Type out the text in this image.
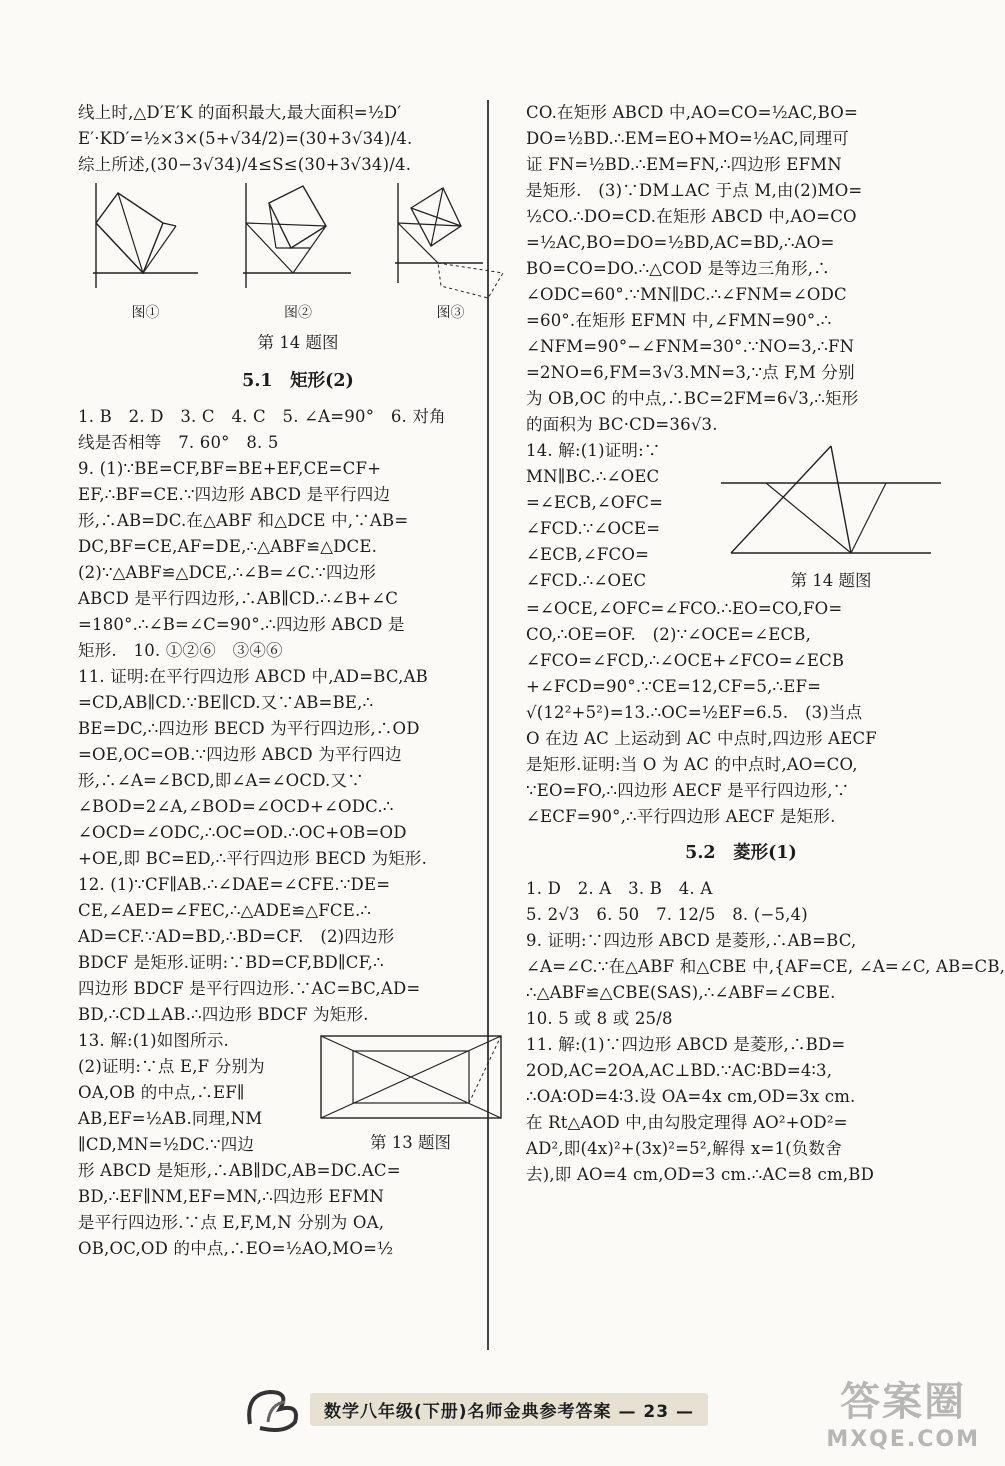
线上时,△D′E′K 的面积最大,最大面积=½D′

E′·KD′=½×3×(5+√34/2)=(30+3√34)/4.

综上所述,(30−3√34)/4≤S≤(30+3√34)/4.

图①	图②	图③
第 14 题图
5.1　矩形(2)

1. B　2. D　3. C　4. C　5. ∠A=90°　6. 对角

线是否相等　7. 60°　8. 5

9. (1)∵BE=CF,BF=BE+EF,CE=CF+

EF,∴BF=CE.∵四边形 ABCD 是平行四边

形,∴AB=DC.在△ABF 和△DCE 中,∵AB=

DC,BF=CE,AF=DE,∴△ABF≌△DCE.

(2)∵△ABF≌△DCE,∴∠B=∠C.∵四边形

ABCD 是平行四边形,∴AB∥CD.∴∠B+∠C

=180°.∴∠B=∠C=90°.∴四边形 ABCD 是

矩形.　10. ①②⑥　③④⑥

11. 证明:在平行四边形 ABCD 中,AD=BC,AB

=CD,AB∥CD.∵BE∥CD.又∵AB=BE,∴

BE=DC,∴四边形 BECD 为平行四边形,∴OD

=OE,OC=OB.∵四边形 ABCD 为平行四边

形,∴∠A=∠BCD,即∠A=∠OCD.又∵

∠BOD=2∠A,∠BOD=∠OCD+∠ODC.∴

∠OCD=∠ODC,∴OC=OD.∴OC+OB=OD

+OE,即 BC=ED,∴平行四边形 BECD 为矩形.

12. (1)∵CF∥AB.∴∠DAE=∠CFE.∵DE=

CE,∠AED=∠FEC,∴△ADE≌△FCE.∴

AD=CF.∵AD=BD,∴BD=CF.　(2)四边形

BDCF 是矩形.证明:∵BD=CF,BD∥CF,∴

四边形 BDCF 是平行四边形.∵AC=BC,AD=

BD,∴CD⊥AB.∴四边形 BDCF 为矩形.

13. 解:(1)如图所示.

(2)证明:∵点 E,F 分别为

OA,OB 的中点,∴EF∥

AB,EF=½AB.同理,NM

∥CD,MN=½DC.∵四边	第 13 题图

形 ABCD 是矩形,∴AB∥DC,AB=DC.AC=

BD,∴EF∥NM,EF=MN,∴四边形 EFMN

是平行四边形.∵点 E,F,M,N 分别为 OA,

OB,OC,OD 的中点,∴EO=½AO,MO=½

CO.在矩形 ABCD 中,AO=CO=½AC,BO=

DO=½BD.∴EM=EO+MO=½AC,同理可

证 FN=½BD.∴EM=FN,∴四边形 EFMN

是矩形.　(3)∵DM⊥AC 于点 M,由(2)MO=

½CO.∴DO=CD.在矩形 ABCD 中,AO=CO

=½AC,BO=DO=½BD,AC=BD,∴AO=

BO=CO=DO.∴△COD 是等边三角形,∴

∠ODC=60°.∵MN∥DC.∴∠FNM=∠ODC

=60°.在矩形 EFMN 中,∠FMN=90°.∴

∠NFM=90°−∠FNM=30°.∵NO=3,∴FN

=2NO=6,FM=3√3.MN=3,∵点 F,M 分别

为 OB,OC 的中点,∴BC=2FM=6√3,∴矩形

的面积为 BC·CD=36√3.

14. 解:(1)证明:∵

MN∥BC.∴∠OEC

=∠ECB,∠OFC=

∠FCD.∵∠OCE=

∠ECB,∠FCO=

∠FCD.∴∠OEC	第 14 题图

=∠OCE,∠OFC=∠FCO.∴EO=CO,FO=

CO,∴OE=OF.　(2)∵∠OCE=∠ECB,

∠FCO=∠FCD,∴∠OCE+∠FCO=∠ECB

+∠FCD=90°.∵CE=12,CF=5,∴EF=

√(12²+5²)=13.∴OC=½EF=6.5.　(3)当点

O 在边 AC 上运动到 AC 中点时,四边形 AECF

是矩形.证明:当 O 为 AC 的中点时,AO=CO,

∵EO=FO,∴四边形 AECF 是平行四边形,∵

∠ECF=90°,∴平行四边形 AECF 是矩形.

5.2　菱形(1)

1. D　2. A　3. B　4. A

5. 2√3　6. 50　7. 12/5　8. (−5,4)

9. 证明:∵四边形 ABCD 是菱形,∴AB=BC,

∠A=∠C.∵在△ABF 和△CBE 中,{AF=CE, ∠A=∠C, AB=CB,

∴△ABF≌△CBE(SAS),∴∠ABF=∠CBE.

10. 5 或 8 或 25/8

11. 解:(1)∵四边形 ABCD 是菱形,∴BD=

2OD,AC=2OA,AC⊥BD.∵AC∶BD=4∶3,

∴OA∶OD=4∶3.设 OA=4x cm,OD=3x cm.

在 Rt△AOD 中,由勾股定理得 AO²+OD²=

AD²,即(4x)²+(3x)²=5²,解得 x=1(负数舍

去),即 AO=4 cm,OD=3 cm.∴AC=8 cm,BD

数学八年级(下册)名师金典参考答案 — 23 —	答案圈
MXQE.COM
